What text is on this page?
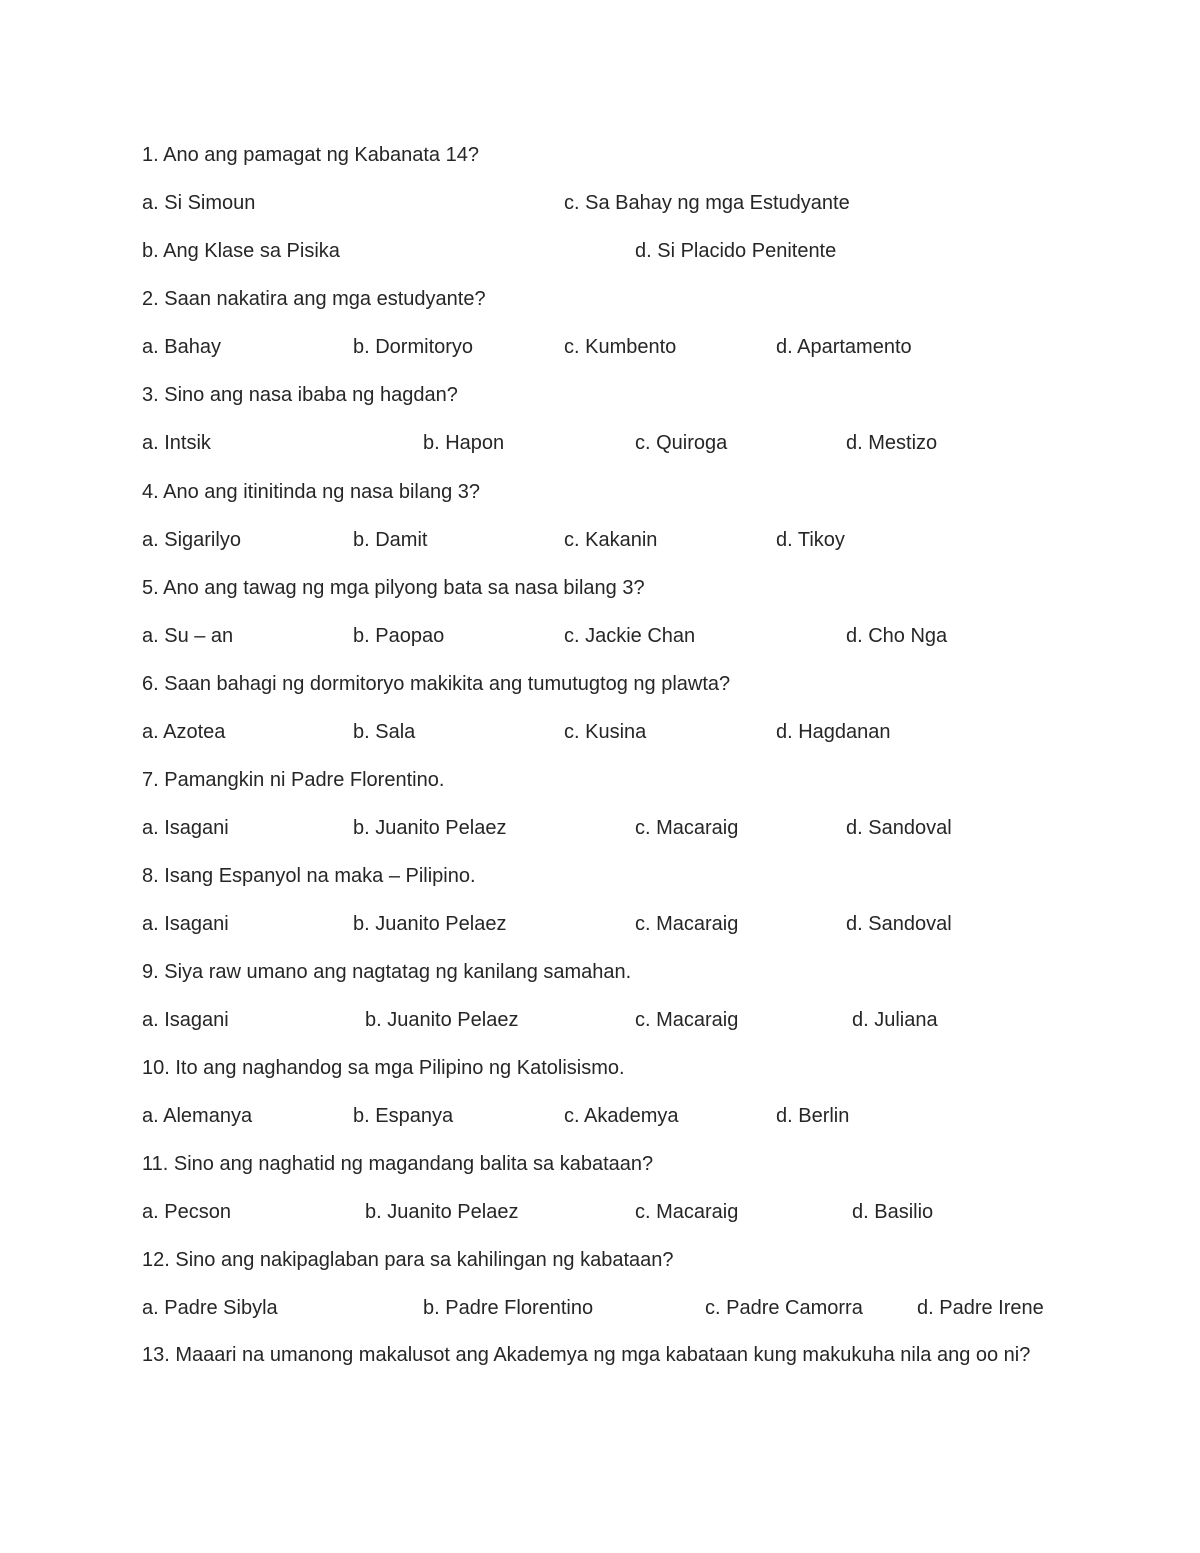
1. Ano ang pamagat ng Kabanata 14?
a. Si Simoun	c. Sa Bahay ng mga Estudyante
b. Ang Klase sa Pisika	d. Si Placido Penitente
2. Saan nakatira ang mga estudyante?
a. Bahay	b. Dormitoryo	c. Kumbento	d. Apartamento
3. Sino ang nasa ibaba ng hagdan?
a. Intsik	b. Hapon	c. Quiroga	d. Mestizo
4. Ano ang itinitinda ng nasa bilang 3?
a. Sigarilyo	b. Damit	c. Kakanin	d. Tikoy
5. Ano ang tawag ng mga pilyong bata sa nasa bilang 3?
a. Su – an	b. Paopao	c. Jackie Chan	d. Cho Nga
6. Saan bahagi ng dormitoryo makikita ang tumutugtog ng plawta?
a. Azotea	b. Sala	c. Kusina	d. Hagdanan
7. Pamangkin ni Padre Florentino.
a. Isagani	b. Juanito Pelaez	c. Macaraig	d. Sandoval
8. Isang Espanyol na maka – Pilipino.
a. Isagani	b. Juanito Pelaez	c. Macaraig	d. Sandoval
9. Siya raw umano ang nagtatag ng kanilang samahan.
a. Isagani	b. Juanito Pelaez	c. Macaraig	d. Juliana
10. Ito ang naghandog sa mga Pilipino ng Katolisismo.
a. Alemanya	b. Espanya	c. Akademya	d. Berlin
11. Sino ang naghatid ng magandang balita sa kabataan?
a. Pecson	b. Juanito Pelaez	c. Macaraig	d. Basilio
12. Sino ang nakipaglaban para sa kahilingan ng kabataan?
a. Padre Sibyla	b. Padre Florentino	c. Padre Camorra	d. Padre Irene
13. Maaari na umanong makalusot ang Akademya ng mga kabataan kung makukuha nila ang oo ni?
